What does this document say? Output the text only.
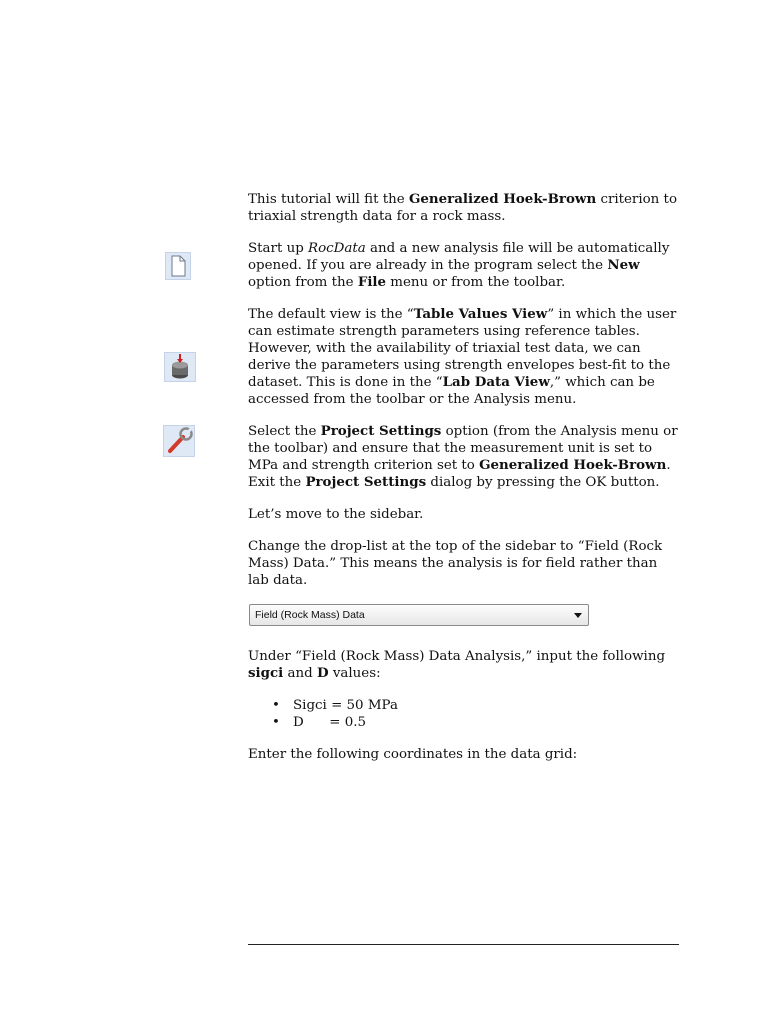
This tutorial will fit the Generalized Hoek-Brown criterion to triaxial strength data for a rock mass.

Start up RocData and a new analysis file will be automatically opened. If you are already in the program select the New option from the File menu or from the toolbar.

The default view is the “Table Values View” in which the user can estimate strength parameters using reference tables. However, with the availability of triaxial test data, we can derive the parameters using strength envelopes best-fit to the dataset. This is done in the “Lab Data View,” which can be accessed from the toolbar or the Analysis menu.

Select the Project Settings option (from the Analysis menu or the toolbar) and ensure that the measurement unit is set to MPa and strength criterion set to Generalized Hoek-Brown. Exit the Project Settings dialog by pressing the OK button.

Let’s move to the sidebar.

Change the drop-list at the top of the sidebar to “Field (Rock Mass) Data.” This means the analysis is for field rather than lab data.

Field (Rock Mass) Data

Under “Field (Rock Mass) Data Analysis,” input the following sigci and D values:

• Sigci = 50 MPa
• D      = 0.5

Enter the following coordinates in the data grid:
